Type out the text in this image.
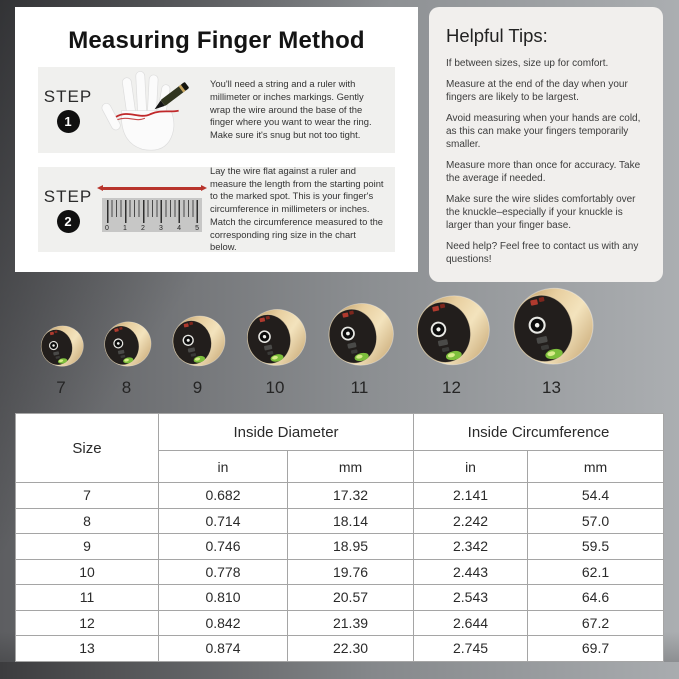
Measuring Finger Method
STEP
1
You'll need a string and a ruler with millimeter or inches markings. Gently wrap the wire around the base of the finger where you want to wear the ring. Make sure it's snug but not too tight.
STEP
2	0 1 2 3 4 5
Lay the wire flat against a ruler and measure the length from the starting point to the marked spot. This is your finger's circumference in millimeters or inches. Match the circumference measured to the corresponding ring size in the chart below.
Helpful Tips:

If between sizes, size up for comfort.

Measure at the end of the day when your fingers are likely to be largest.

Avoid measuring when your hands are cold, as this can make your fingers temporarily smaller.

Measure more than once for accuracy. Take the average if needed.

Make sure the wire slides comfortably over the knuckle–especially if your knuckle is larger than your finger base.

Need help? Feel free to contact us with any questions!

7	8	9	10	11	12	13
Size	Inside Diameter		Inside Circumference	
	in	mm	in	mm
7	0.682	17.32	2.141	54.4
8	0.714	18.14	2.242	57.0
9	0.746	18.95	2.342	59.5
10	0.778	19.76	2.443	62.1
11	0.810	20.57	2.543	64.6
12	0.842	21.39	2.644	67.2
13	0.874	22.30	2.745	69.7
